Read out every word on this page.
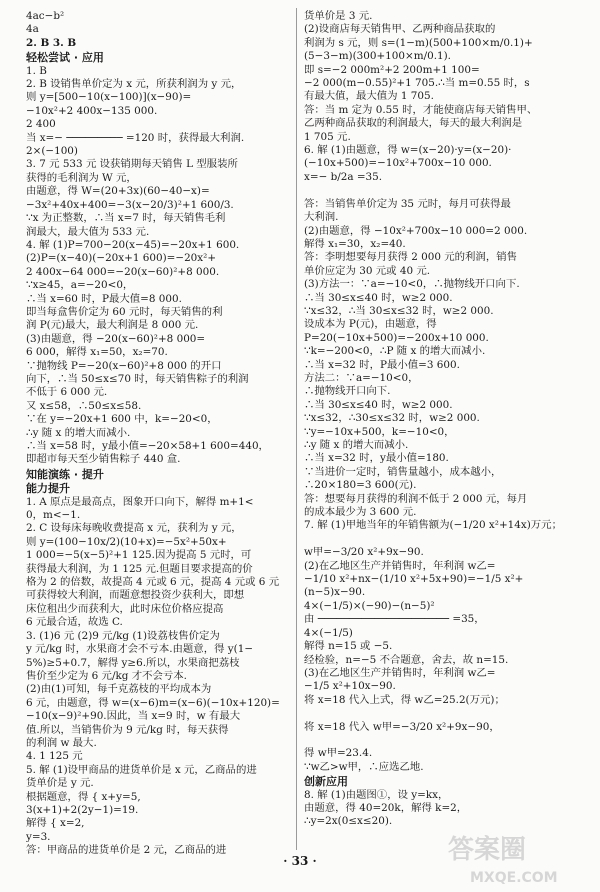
4ac−b²
4a
2. B 3. B
轻松尝试 · 应用
1. B
2. B 设销售单价定为 x 元，所获利润为 y 元，
则 y=[500−10(x−100)](x−90)=
−10x²+2 400x−135 000.
2 400
当 x=− ───────── =120 时，获得最大利润.
2×(−100)
3. 7 元 533 元 设获销期每天销售 L 型服装所
获得的毛利润为 W 元，
由题意，得 W=(20+3x)(60−40−x)=
−3x²+40x+400=−3(x−20/3)²+1 600/3.
∵x 为正整数，∴当 x=7 时，每天销售毛利
润最大，最大值为 533 元.
4. 解 (1)P=700−20(x−45)=−20x+1 600.
(2)P=(x−40)(−20x+1 600)=−20x²+
2 400x−64 000=−20(x−60)²+8 000.
∵x≥45，a=−20<0，
∴当 x=60 时，P最大值=8 000.
即当每盒售价定为 60 元时，每天销售的利
润 P(元)最大，最大利润是 8 000 元.
(3)由题意，得 −20(x−60)²+8 000=
6 000，解得 x₁=50，x₂=70.
∵抛物线 P=−20(x−60)²+8 000 的开口
向下，∴当 50≤x≤70 时，每天销售粽子的利润
不低于 6 000 元.
又 x≤58，∴50≤x≤58.
∵在 y=−20x+1 600 中，k=−20<0，
∴y 随 x 的增大而减小.
∴当 x=58 时，y最小值=−20×58+1 600=440，
即超市每天至少销售粽子 440 盒.
知能演练 · 提升
能力提升
1. A 原点是最高点，图象开口向下，解得 m+1<
0，m<−1.
2. C 设每床每晚收费提高 x 元，获利为 y 元，
则 y=(100−10x/2)(10+x)=−5x²+50x+
1 000=−5(x−5)²+1 125.因为提高 5 元时，可
获得最大利润，为 1 125 元.但题目要求提高的价
格为 2 的倍数，故提高 4 元或 6 元，提高 4 元或 6 元
可获得较大利润，而题意想投资少获利大，即想
床位租出少而获利大，此时床位价格应提高
6 元最合适，故选 C.
3. (1)6 元 (2)9 元/kg (1)设荔枝售价定为
y 元/kg 时，水果商才会不亏本.由题意，得 y(1−
5%)≥5+0.7，解得 y≥6.所以，水果商把荔枝
售价至少定为 6 元/kg 才不会亏本.
(2)由(1)可知，每千克荔枝的平均成本为
6 元，由题意，得 w=(x−6)m=(x−6)(−10x+120)=
−10(x−9)²+90.因此，当 x=9 时，w 有最大
值.所以，当销售价为 9 元/kg 时，每天获得
的利润 w 最大.
4. 1 125 元
5. 解 (1)设甲商品的进货单价是 x 元，乙商品的进
货单价是 y 元.
根据题意，得 { x+y=5,
3(x+1)+2(2y−1)=19.
解得 { x=2,
y=3.
答：甲商品的进货单价是 2 元，乙商品的进
货单价是 3 元.
(2)设商店每天销售甲、乙两种商品获取的
利润为 s 元，则 s=(1−m)(500+100×m/0.1)+
(5−3−m)(300+100×m/0.1).
即 s=−2 000m²+2 200m+1 100=
−2 000(m−0.55)²+1 705.∴当 m=0.55 时，s
有最大值，最大值为 1 705.
答：当 m 定为 0.55 时，才能使商店每天销售甲、
乙两种商品获取的利润最大，每天的最大利润是
1 705 元.
6. 解 (1)由题意，得 w=(x−20)·y=(x−20)·
(−10x+500)=−10x²+700x−10 000.
x=− b/2a =35.

答：当销售单价定为 35 元时，每月可获得最
大利润.
(2)由题意，得 −10x²+700x−10 000=2 000.
解得 x₁=30，x₂=40.
答：李明想要每月获得 2 000 元的利润，销售
单价应定为 30 元或 40 元.
(3)方法一：∵a=−10<0，∴抛物线开口向下.
∴当 30≤x≤40 时，w≥2 000.
∵x≤32，∴当 30≤x≤32 时，w≥2 000.
设成本为 P(元)，由题意，得
P=20(−10x+500)=−200x+10 000.
∵k=−200<0，∴P 随 x 的增大而减小.
∴当 x=32 时，P最小值=3 600.
方法二：∵a=−10<0，
∴抛物线开口向下.
∴当 30≤x≤40 时，w≥2 000.
∵x≤32，∴30≤x≤32 时，w≥2 000.
∵y=−10x+500，k=−10<0，
∴y 随 x 的增大而减小.
∴当 x=32 时，y最小值=180.
∵当进价一定时，销售量越小，成本越小，
∴20×180=3 600(元).
答：想要每月获得的利润不低于 2 000 元，每月
的成本最少为 3 600 元.
7. 解 (1)甲地当年的年销售额为(−1/20 x²+14x)万元；

w甲=−3/20 x²+9x−90.
(2)在乙地区生产并销售时，年利润 w乙=
−1/10 x²+nx−(1/10 x²+5x+90)=−1/5 x²+
(n−5)x−90.
4×(−1/5)×(−90)−(n−5)²
由 ───────────────────── =35，
4×(−1/5)
解得 n=15 或 −5.
经检验，n=−5 不合题意，舍去，故 n=15.
(3)在乙地区生产并销售时，年利润 w乙=
−1/5 x²+10x−90.
将 x=18 代入上式，得 w乙=25.2(万元)；

将 x=18 代入 w甲=−3/20 x²+9x−90，

得 w甲=23.4.
∵w乙>w甲，∴应选乙地.
创新应用
8. 解 (1)由题图①，设 y=kx，
由题意，得 40=20k，解得 k=2，
∴y=2x(0≤x≤20).
· 33 ·	答案圈
MXQE.COM
